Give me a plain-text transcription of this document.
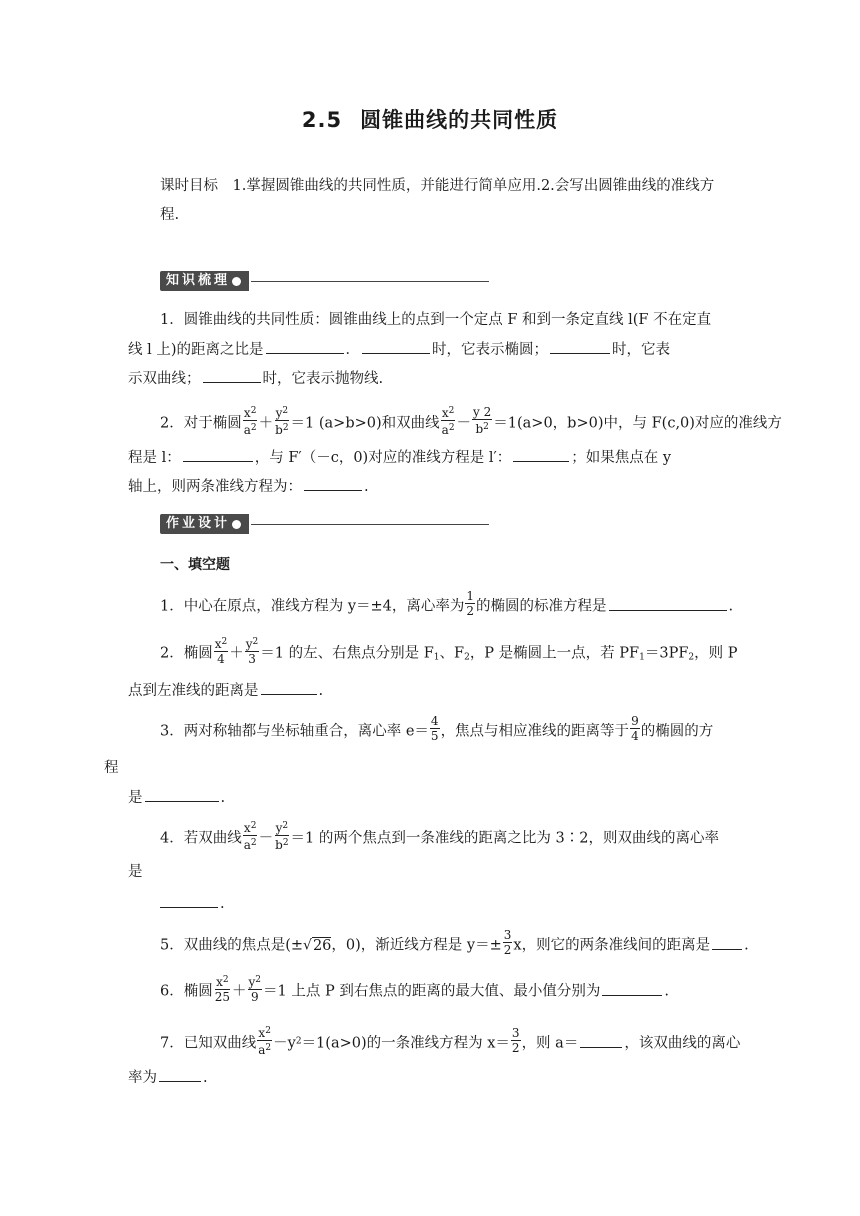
2.5 圆锥曲线的共同性质
课时目标　1.掌握圆锥曲线的共同性质，并能进行简单应用.2.会写出圆锥曲线的准线方
程.
知识梳理
1．圆锥曲线的共同性质：圆锥曲线上的点到一个定点 F 和到一条定直线 l(F 不在定直
线 l 上)的距离之比是	．	时，它表示椭圆；	时，它表
示双曲线；	时，它表示抛物线.
2．对于椭圆 $\frac{x^2}{a^2} + \frac{y^2}{b^2} =1$ (a>b>0)和双曲线 $\frac{x^2}{a^2} - \frac{y 2}{b^2} =1(a>0$，b>0)中，与 F(c,0)对应的准线方
程是 l：	，与 F′（－c，0)对应的准线方程是 l′：	；如果焦点在 y
轴上，则两条准线方程为：	.
作业设计
一、填空题
1．中心在原点，准线方程为 y＝±4，离心率为 $\frac{1}{2}$ 的椭圆的标准方程是	.
2．椭圆 $\frac{x^2}{4} + \frac{y^2}{3} =1$ 的左、右焦点分别是 $F_1$、$F_2$，P 是椭圆上一点，若 $PF_1=3PF_2$，则 P
点到左准线的距离是	.
3．两对称轴都与坐标轴重合，离心率 $e= \frac{4}{5}$ ，焦点与相应准线的距离等于 $\frac{9}{4}$ 的椭圆的方
程
是	.
4．若双曲线 $\frac{x^2}{a^2} - \frac{y^2}{b^2} =1$ 的两个焦点到一条准线的距离之比为 3∶2，则双曲线的离心率
是
.
5．双曲线的焦点是(±√26，0)，渐近线方程是 $y=\pm \frac{3}{2}$ x，则它的两条准线间的距离是 .
6．椭圆 $\frac{x^2}{25} + \frac{y^2}{9} =1$ 上点 P 到右焦点的距离的最大值、最小值分别为	.
7．已知双曲线 $\frac{x^2}{a^2} -y^2=1(a>0)$的一条准线方程为 $x= \frac{3}{2}$ ，则 a＝	，该双曲线的离心
率为	.
